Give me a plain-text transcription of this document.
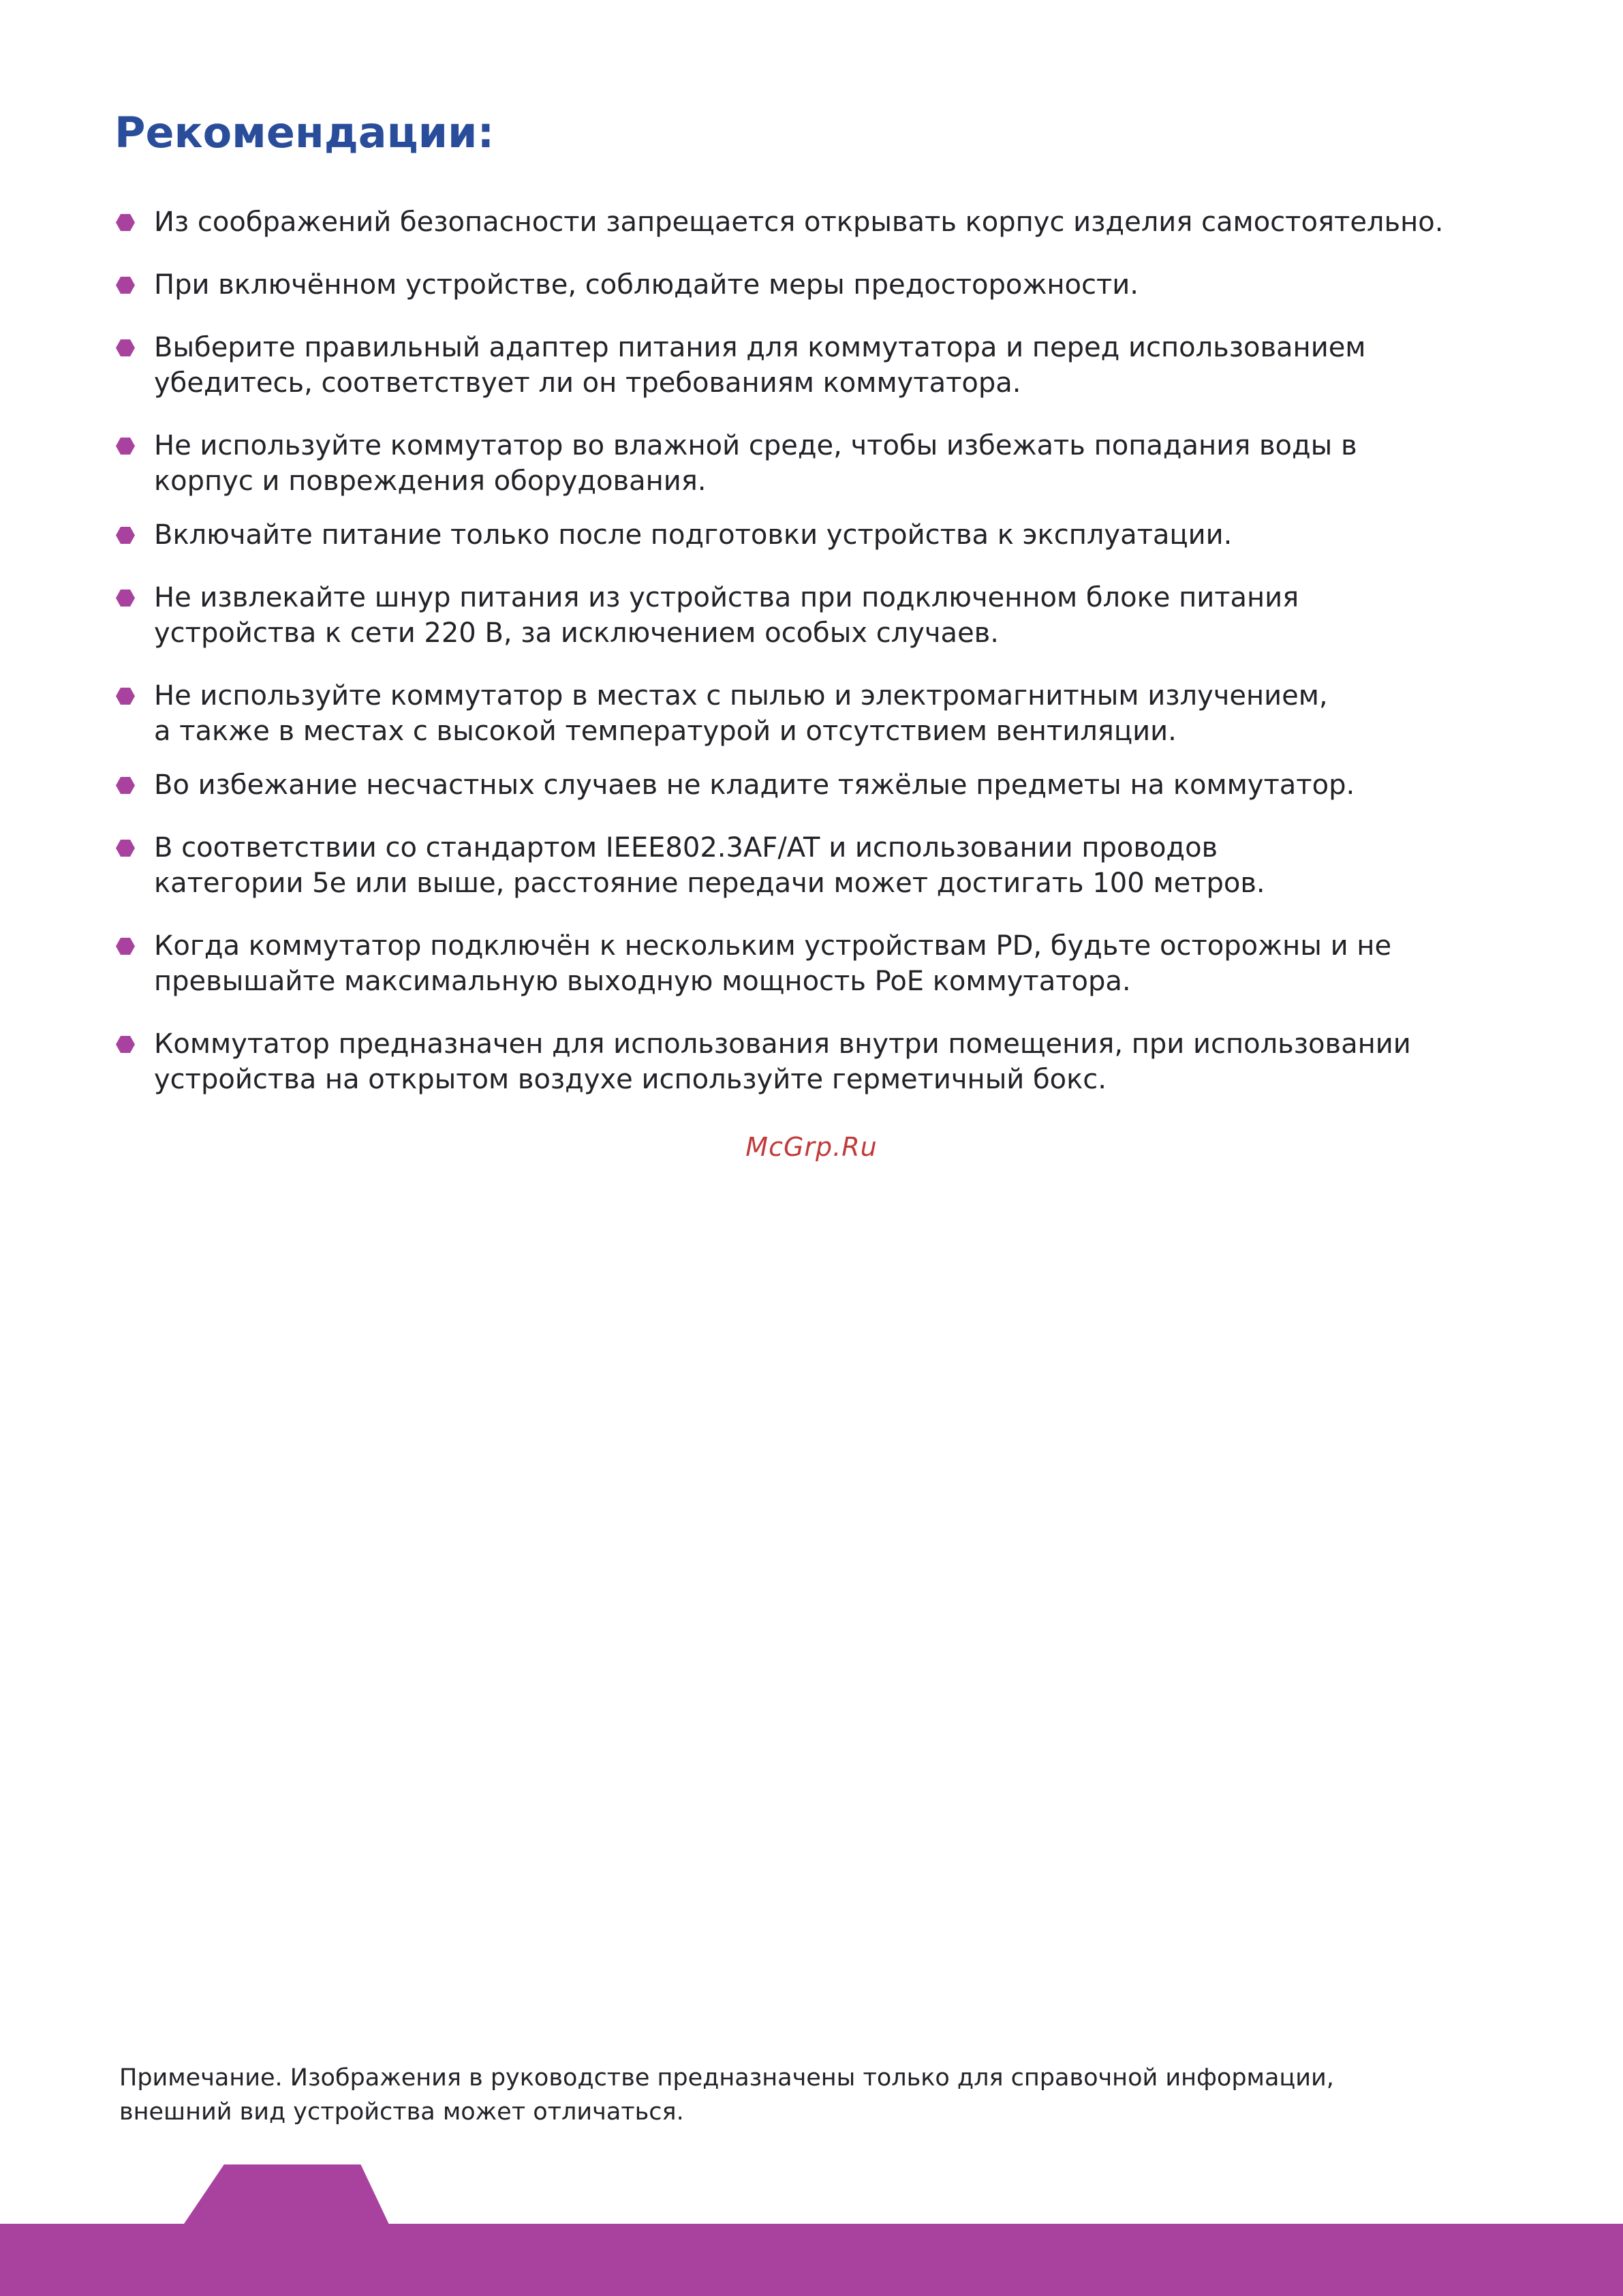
Рекомендации:
Из соображений безопасности запрещается открывать корпус изделия самостоятельно.
При включённом устройстве, соблюдайте меры предосторожности.
Выберите правильный адаптер питания для коммутатора и перед использованием
убедитесь, соответствует ли он требованиям коммутатора.
Не используйте коммутатор во влажной среде, чтобы избежать попадания воды в
корпус и повреждения оборудования.
Включайте питание только после подготовки устройства к эксплуатации.
Не извлекайте шнур питания из устройства при подключенном блоке питания
устройства к сети 220 В, за исключением особых случаев.
Не используйте коммутатор в местах с пылью и электромагнитным излучением,
а также в местах с высокой температурой и отсутствием вентиляции.
Во избежание несчастных случаев не кладите тяжёлые предметы на коммутатор.
В соответствии со стандартом IEEE802.3AF/AT и использовании проводов
категории 5е или выше, расстояние передачи может достигать 100 метров.
Когда коммутатор подключён к нескольким устройствам PD, будьте осторожны и не
превышайте максимальную выходную мощность PoE коммутатора.
Коммутатор предназначен для использования внутри помещения, при использовании
устройства на открытом воздухе используйте герметичный бокс.
McGrp.Ru
Примечание. Изображения в руководстве предназначены только для справочной информации,
внешний вид устройства может отличаться.
